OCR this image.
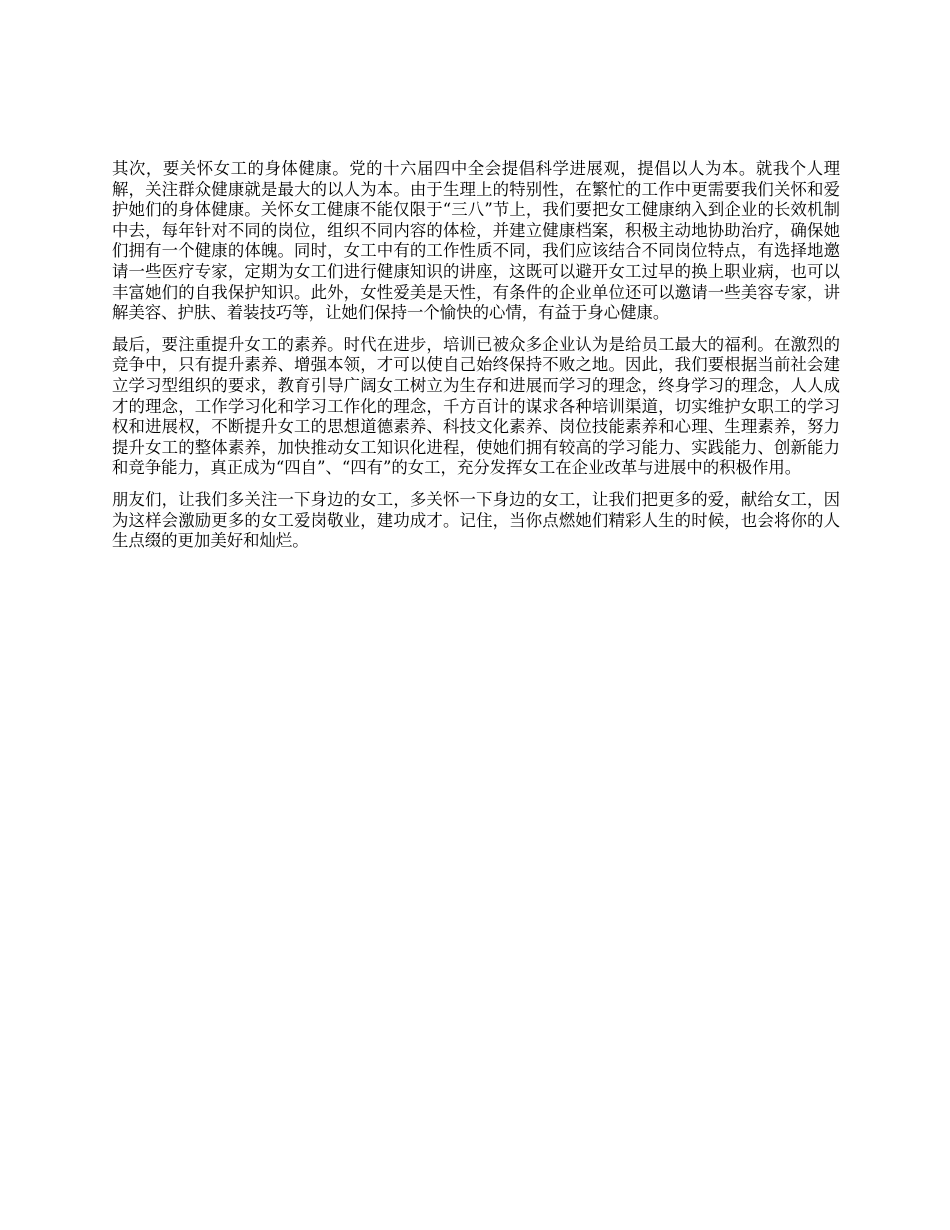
其次，要关怀女工的身体健康。党的十六届四中全会提倡科学进展观，提倡以人为本。就我个人理解，关注群众健康就是最大的以人为本。由于生理上的特别性，在繁忙的工作中更需要我们关怀和爱护她们的身体健康。关怀女工健康不能仅限于“三八”节上，我们要把女工健康纳入到企业的长效机制中去，每年针对不同的岗位，组织不同内容的体检，并建立健康档案，积极主动地协助治疗，确保她们拥有一个健康的体魄。同时，女工中有的工作性质不同，我们应该结合不同岗位特点，有选择地邀请一些医疗专家，定期为女工们进行健康知识的讲座，这既可以避开女工过早的换上职业病，也可以丰富她们的自我保护知识。此外，女性爱美是天性，有条件的企业单位还可以邀请一些美容专家，讲解美容、护肤、着装技巧等，让她们保持一个愉快的心情，有益于身心健康。

最后，要注重提升女工的素养。时代在进步，培训已被众多企业认为是给员工最大的福利。在激烈的竞争中，只有提升素养、增强本领，才可以使自己始终保持不败之地。因此，我们要根据当前社会建立学习型组织的要求，教育引导广阔女工树立为生存和进展而学习的理念，终身学习的理念，人人成才的理念，工作学习化和学习工作化的理念，千方百计的谋求各种培训渠道，切实维护女职工的学习权和进展权，不断提升女工的思想道德素养、科技文化素养、岗位技能素养和心理、生理素养，努力提升女工的整体素养，加快推动女工知识化进程，使她们拥有较高的学习能力、实践能力、创新能力和竞争能力，真正成为“四自”、“四有”的女工，充分发挥女工在企业改革与进展中的积极作用。

朋友们，让我们多关注一下身边的女工，多关怀一下身边的女工，让我们把更多的爱，献给女工，因为这样会激励更多的女工爱岗敬业，建功成才。记住，当你点燃她们精彩人生的时候，也会将你的人生点缀的更加美好和灿烂。
